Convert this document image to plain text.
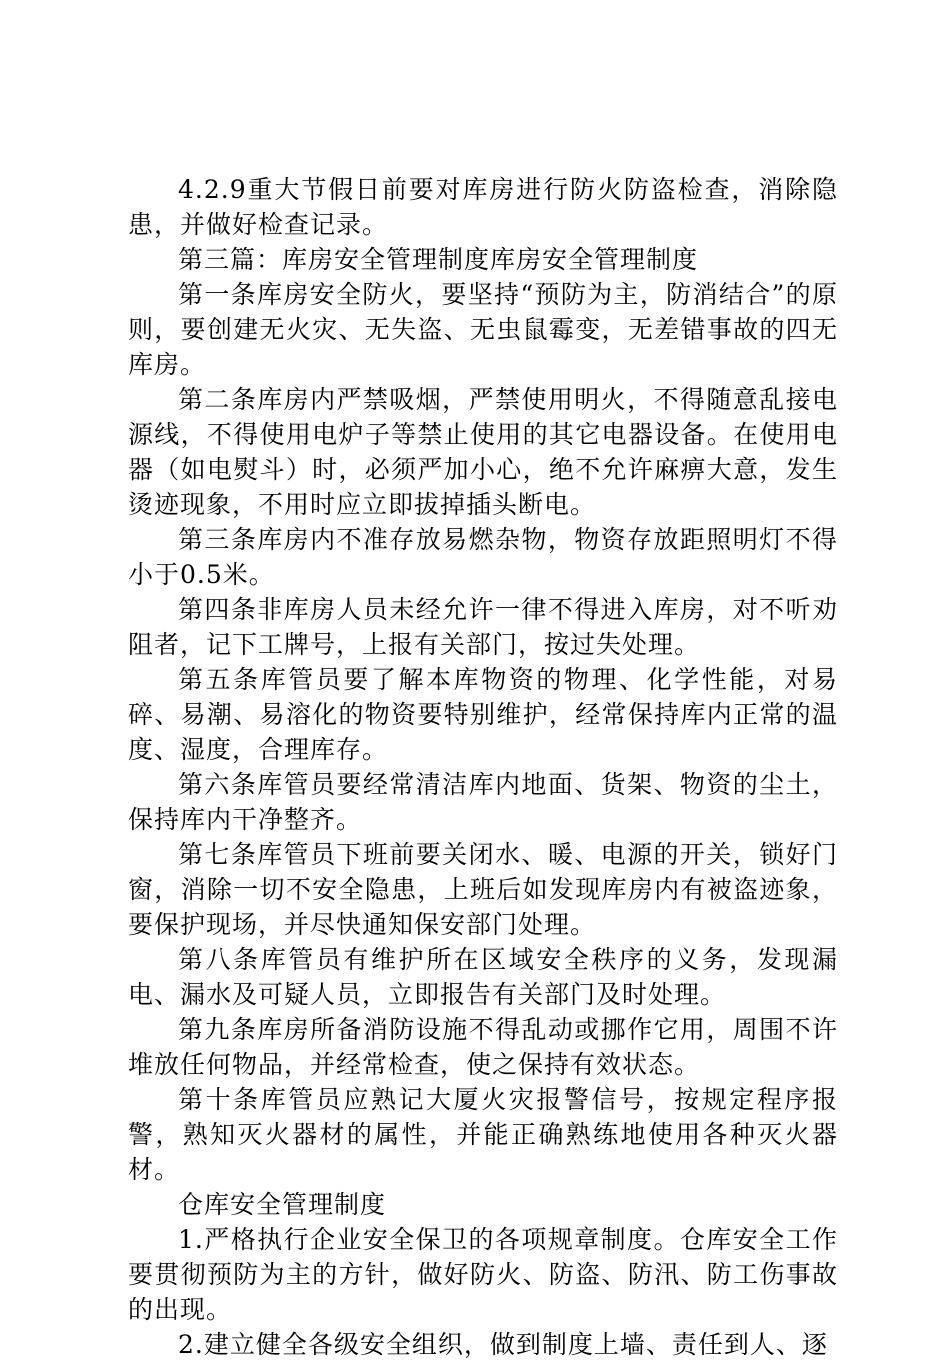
4.2.9重大节假日前要对库房进行防火防盗检查，消除隐患，并做好检查记录。

第三篇：库房安全管理制度库房安全管理制度

第一条库房安全防火，要坚持“预防为主，防消结合”的原则，要创建无火灾、无失盗、无虫鼠霉变，无差错事故的四无库房。

第二条库房内严禁吸烟，严禁使用明火，不得随意乱接电源线，不得使用电炉子等禁止使用的其它电器设备。在使用电器（如电熨斗）时，必须严加小心，绝不允许麻痹大意，发生烫迹现象，不用时应立即拔掉插头断电。

第三条库房内不准存放易燃杂物，物资存放距照明灯不得小于0.5米。

第四条非库房人员未经允许一律不得进入库房，对不听劝阻者，记下工牌号，上报有关部门，按过失处理。

第五条库管员要了解本库物资的物理、化学性能，对易碎、易潮、易溶化的物资要特别维护，经常保持库内正常的温度、湿度，合理库存。

第六条库管员要经常清洁库内地面、货架、物资的尘土，保持库内干净整齐。

第七条库管员下班前要关闭水、暖、电源的开关，锁好门窗，消除一切不安全隐患，上班后如发现库房内有被盗迹象，要保护现场，并尽快通知保安部门处理。

第八条库管员有维护所在区域安全秩序的义务，发现漏电、漏水及可疑人员，立即报告有关部门及时处理。

第九条库房所备消防设施不得乱动或挪作它用，周围不许堆放任何物品，并经常检查，使之保持有效状态。

第十条库管员应熟记大厦火灾报警信号，按规定程序报警，熟知灭火器材的属性，并能正确熟练地使用各种灭火器材。

仓库安全管理制度

1.严格执行企业安全保卫的各项规章制度。仓库安全工作要贯彻预防为主的方针，做好防火、防盗、防汛、防工伤事故的出现。

2.建立健全各级安全组织，做到制度上墙、责任到人、逐
